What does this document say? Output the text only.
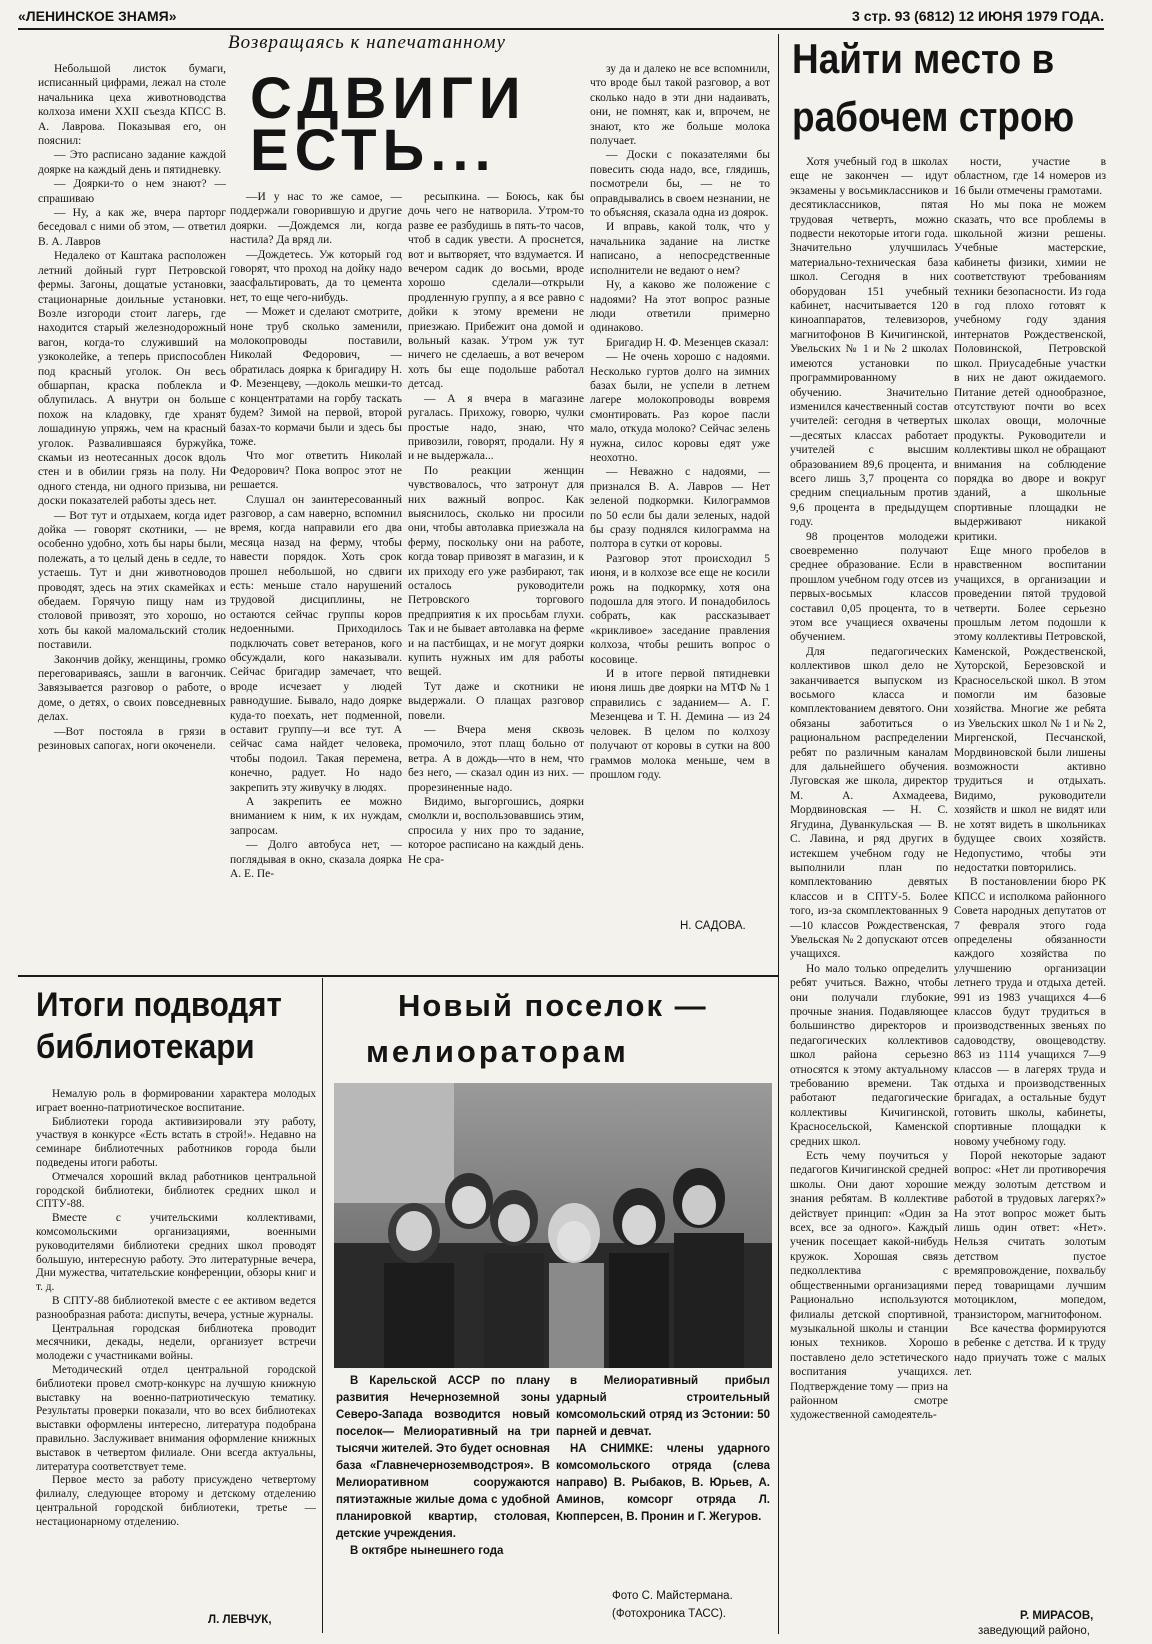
«ЛЕНИНСКОЕ ЗНАМЯ»	3 стр. 93 (6812) 12 ИЮНЯ 1979 ГОДА.
Возвращаясь к напечатанному
СДВИГИ
ЕСТЬ...

Небольшой листок бумаги, исписанный цифрами, лежал на столе начальника цеха животноводства колхоза имени XXII съезда КПСС В. А. Лаврова. Показывая его, он пояснил:

— Это расписано задание каждой доярке на каждый день и пятидневку.

— Доярки-то о нем знают? — спрашиваю

— Ну, а как же, вчера парторг беседовал с ними об этом, — ответил В. А. Лавров

Недалеко от Каштака расположен летний дойный гурт Петровской фермы. Загоны, дощатые установки, стационарные доильные установки. Возле изгороди стоит лагерь, где находится старый железнодорожный вагон, когда-то служивший на узкоколейке, а теперь приспособлен под красный уголок. Он весь обшарпан, краска поблекла и облупилась. А внутри он больше похож на кладовку, где хранят лошадиную упряжь, чем на красный уголок. Развалившаяся буржуйка, скамьи из неотесанных досок вдоль стен и в обилии грязь на полу. Ни одного стенда, ни одного призыва, ни доски показателей работы здесь нет.

— Вот тут и отдыхаем, когда идет дойка — говорят скотники, — не особенно удобно, хоть бы нары были, полежать, а то целый день в седле, то устаешь. Тут и дни животноводов проводят, здесь на этих скамейках и обедаем. Горячую пищу нам из столовой привозят, это хорошо, но хоть бы какой маломальский столик поставили.

Закончив дойку, женщины, громко переговариваясь, зашли в вагончик. Завязывается разговор о работе, о доме, о детях, о своих повседневных делах.

—Вот постояла в грязи в резиновых сапогах, ноги окоченели.

—И у нас то же самое, —поддержали говорившую и другие доярки. —Дождемся ли, когда настила? Да вряд ли.

—Дождетесь. Уж который год говорят, что проход на дойку надо заасфальтировать, да то цемента нет, то еще чего-нибудь.

— Может и сделают смотрите, ноне труб сколько заменили, молокопроводы поставили, Николай Федорович, — обратилась доярка к бригадиру Н. Ф. Мезенцеву, —доколь мешки-то с концентратами на горбу таскать будем? Зимой на первой, второй базах-то кормачи были и здесь бы тоже.

Что мог ответить Николай Федорович? Пока вопрос этот не решается.

Слушал он заинтересованный разговор, а сам наверно, вспомнил время, когда направили его два месяца назад на ферму, чтобы навести порядок. Хоть срок прошел небольшой, но сдвиги есть: меньше стало нарушений трудовой дисциплины, не остаются сейчас группы коров недоенными. Приходилось подключать совет ветеранов, кого обсуждали, кого наказывали. Сейчас бригадир замечает, что вроде исчезает у людей равнодушие. Бывало, надо доярке куда-то поехать, нет подменной, оставит группу—и все тут. А сейчас сама найдет человека, чтобы подоил. Такая перемена, конечно, радует. Но надо закрепить эту живучку в людях.

А закрепить ее можно вниманием к ним, к их нуждам, запросам.

— Долго автобуса нет, —поглядывая в окно, сказала доярка А. Е. Пе-

ресыпкина. — Боюсь, как бы дочь чего не натворила. Утром-то разве ее разбудишь в пять-то часов, чтоб в садик увести. А проснется, вот и вытворяет, что вздумается. И вечером садик до восьми, вроде хорошо сделали—открыли продленную группу, а я все равно с дойки к этому времени не приезжаю. Прибежит она домой и вольный казак. Утром уж тут ничего не сделаешь, а вот вечером хоть бы еще подольше работал детсад.

— А я вчера в магазине ругалась. Прихожу, говорю, чулки простые надо, знаю, что привозили, говорят, продали. Ну я и не выдержала...

По реакции женщин чувствовалось, что затронут для них важный вопрос. Как выяснилось, сколько ни просили они, чтобы автолавка приезжала на ферму, поскольку они на работе, когда товар привозят в магазин, и к их приходу его уже разбирают, так осталось руководители Петровского торгового предприятия к их просьбам глухи. Так и не бывает автолавка на ферме и на пастбищах, и не могут доярки купить нужных им для работы вещей.

Тут даже и скотники не выдержали. О плащах разговор повели.

— Вчера меня сквозь промочило, этот плащ больно от ветра. А в дождь—что в нем, что без него, — сказал один из них. — прорезиненные надо.

Видимо, выгоргошись, доярки смолкли и, воспользовавшись этим, спросила у них про то задание, которое расписано на каждый день. Не сра-

зу да и далеко не все вспомнили, что вроде был такой разговор, а вот сколько надо в эти дни надаивать, они, не помнят, как и, впрочем, не знают, кто же больше молока получает.

— Доски с показателями бы повесить сюда надо, все, глядишь, посмотрели бы, — не то оправдывались в своем незнании, не то объясняя, сказала одна из доярок.

И вправь, какой толк, что у начальника задание на листке написано, а непосредственные исполнители не ведают о нем?

Ну, а каково же положение с надоями? На этот вопрос разные люди ответили примерно одинаково.

Бригадир Н. Ф. Мезенцев сказал:

— Не очень хорошо с надоями. Несколько гуртов долго на зимних базах были, не успели в летнем лагере молокопроводы вовремя смонтировать. Раз корое пасли мало, откуда молоко? Сейчас зелень нужна, силос коровы едят уже неохотно.

— Неважно с надоями, — признался В. А. Лавров — Нет зеленой подкормки. Килограммов по 50 если бы дали зеленых, надой бы сразу поднялся килограмма на полтора в сутки от коровы.

Разговор этот происходил 5 июня, и в колхозе все еще не косили рожь на подкормку, хотя она подошла для этого. И понадобилось собрать, как рассказывает «крикливое» заседание правления колхоза, чтобы решить вопрос о косовице.

И в итоге первой пятидневки июня лишь две доярки на МТФ № 1 справились с заданием— А. Г. Мезенцева и Т. Н. Демина — из 24 человек. В целом по колхозу получают от коровы в сутки на 800 граммов молока меньше, чем в прошлом году.

Н. САДОВА.
Найти место в
рабочем строю

Хотя учебный год в школах еще не закончен — идут экзамены у восьмиклассников и десятиклассников, пятая трудовая четверть, можно подвести некоторые итоги года. Значительно улучшилась материально-техническая база школ. Сегодня в них оборудован 151 учебный кабинет, насчитывается 120 киноаппаратов, телевизоров, магнитофонов В Кичигинской, Увельских № 1 и № 2 школах имеются установки по программированному обучению. Значительно изменился качественный состав учителей: сегодня в четвертых —десятых классах работает учителей с высшим образованием 89,6 процента, и всего лишь 3,7 процента со средним специальным против 9,6 процента в предыдущем году.

98 процентов молодежи своевременно получают среднее образование. Если в прошлом учебном году отсев из первых-восьмых классов составил 0,05 процента, то в этом все учащиеся охвачены обучением.

Для педагогических коллективов школ дело не заканчивается выпуском из восьмого класса и комплектованием девятого. Они обязаны заботиться о рациональном распределении ребят по различным каналам для дальнейшего обучения. Луговская же школа, директор М. А. Ахмадеева, Мордвиновская — Н. С. Ягудина, Дуванкульская — В. С. Лавина, и ряд других в истекшем учебном году не выполнили план по комплектованию девятых классов и в СПТУ-5. Более того, из-за скомплектованных 9—10 классов Рождественская, Увельская № 2 допускают отсев учащихся.

Но мало только определить ребят учиться. Важно, чтобы они получали глубокие, прочные знания. Подавляющее большинство директоров и педагогических коллективов школ района серьезно относятся к этому актуальному требованию времени. Так работают педагогические коллективы Кичигинской, Красносельской, Каменской средних школ.

Есть чему поучиться у педагогов Кичигинской средней школы. Они дают хорошие знания ребятам. В коллективе действует принцип: «Один за всех, все за одного». Каждый ученик посещает какой-нибудь кружок. Хорошая связь педколлектива с общественными организациями Рационально используются филиалы детской спортивной, музыкальной школы и станции юных техников. Хорошо поставлено дело эстетического воспитания учащихся. Подтверждение тому — приз на районном смотре художественной самодеятель-

ности, участие в областном, где 14 номеров из 16 были отмечены грамотами.

Но мы пока не можем сказать, что все проблемы в школьной жизни решены. Учебные мастерские, кабинеты физики, химии не соответствуют требованиям техники безопасности. Из года в год плохо готовят к учебному году здания интернатов Рождественской, Половинской, Петровской школ. Приусадебные участки в них не дают ожидаемого. Питание детей однообразное, отсутствуют почти во всех школах овощи, молочные продукты. Руководители и коллективы школ не обращают внимания на соблюдение порядка во дворе и вокруг зданий, а школьные спортивные площадки не выдерживают никакой критики.

Еще много пробелов в нравственном воспитании учащихся, в организации и проведении пятой трудовой четверти. Более серьезно прошлым летом подошли к этому коллективы Петровской, Каменской, Рождественской, Хуторской, Березовской и Красносельской школ. В этом помогли им базовые хозяйства. Многие же ребята из Увельских школ № 1 и № 2, Миргенской, Песчанской, Мордвиновской были лишены возможности активно трудиться и отдыхать. Видимо, руководители хозяйств и школ не видят или не хотят видеть в школьниках будущее своих хозяйств. Недопустимо, чтобы эти недостатки повторились.

В постановлении бюро РК КПСС и исполкома районного Совета народных депутатов от 7 февраля этого года определены обязанности каждого хозяйства по улучшению организации летнего труда и отдыха детей. 991 из 1983 учащихся 4—6 классов будут трудиться в производственных звеньях по садоводству, овощеводству. 863 из 1114 учащихся 7—9 классов — в лагерях труда и отдыха и производственных бригадах, а остальные будут готовить школы, кабинеты, спортивные площадки к новому учебному году.

Порой некоторые задают вопрос: «Нет ли противоречия между золотым детством и работой в трудовых лагерях?» На этот вопрос может быть лишь один ответ: «Нет». Нельзя считать золотым детством пустое времяпровождение, похвальбу перед товарищами лучшим мотоциклом, мопедом, транзистором, магнитофоном.

Все качества формируются в ребенке с детства. И к труду надо приучать тоже с малых лет.

Р. МИРАСОВ,
заведующий районо,
Итоги подводят
библиотекари

Немалую роль в формировании характера молодых играет военно-патриотическое воспитание.

Библиотеки города активизировали эту работу, участвуя в конкурсе «Есть встать в строй!». Недавно на семинаре библиотечных работников города были подведены итоги работы.

Отмечался хороший вклад работников центральной городской библиотеки, библиотек средних школ и СПТУ-88.

Вместе с учительскими коллективами, комсомольскими организациями, военными руководителями библиотеки средних школ проводят большую, интересную работу. Это литературные вечера, Дни мужества, читательские конференции, обзоры книг и т. д.

В СПТУ-88 библиотекой вместе с ее активом ведется разнообразная работа: диспуты, вечера, устные журналы.

Центральная городская библиотека проводит месячники, декады, недели, организует встречи молодежи с участниками войны.

Методический отдел центральной городской библиотеки провел смотр-конкурс на лучшую книжную выставку на военно-патриотическую тематику. Результаты проверки показали, что во всех библиотеках выставки оформлены интересно, литература подобрана правильно. Заслуживает внимания оформление книжных выставок в четвертом филиале. Они всегда актуальны, литература соответствует теме.

Первое место за работу присуждено четвертому филиалу, следующее второму и детскому отделению центральной городской библиотеки, третье — нестационарному отделению.

Л. ЛЕВЧУК,
Новый поселок —
мелиораторам

В Карельской АССР по плану развития Нечерноземной зоны Северо-Запада возводится новый поселок— Мелиоративный на три тысячи жителей. Это будет основная база «Главнечерноземводстроя». В Мелиоративном сооружаются пятиэтажные жилые дома с удобной планировкой квартир, столовая, детские учреждения.

В октябре нынешнего года

в Мелиоративный прибыл ударный строительный комсомольский отряд из Эстонии: 50 парней и девчат.

НА СНИМКЕ: члены ударного комсомольского отряда (слева направо) В. Рыбаков, В. Юрьев, А. Аминов, комсорг отряда Л. Кюпперсен, В. Пронин и Г. Жегуров.

Фото С. Майстермана.
(Фотохроника ТАСС).
